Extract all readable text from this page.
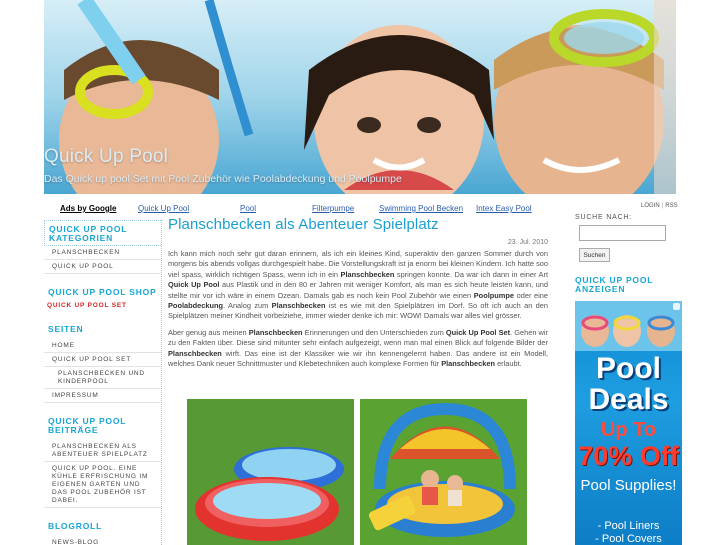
Quick Up Pool
Das Quick up pool Set mit Pool Zubehör wie Poolabdeckung und Poolpumpe
Ads by Google	Quick Up Pool	Pool	Filterpumpe	Swimming Pool Becken Intex Easy Pool
QUICK UP POOL KATEGORIEN
PLANSCHBECKEN
QUICK UP POOL
QUICK UP POOL SHOP
QUICK UP POOL SET
SEITEN
HOME
QUICK UP POOL SET
PLANSCHBECKEN UND KINDERPOOL
IMPRESSUM
QUICK UP POOL BEITRÄGE
PLANSCHBECKEN ALS ABENTEUER SPIELPLATZ
QUICK UP POOL. EINE KÜHLE ERFRISCHUNG IM EIGENEN GARTEN UND DAS POOL ZUBEHÖR IST DABEI.
BLOGROLL
NEWS-BLOG
Planschbecken als Abenteuer Spielplatz
23. Jul. 2010
Ich kann mich noch sehr gut daran erinnern, als ich ein kleines Kind, superaktiv den ganzen Sommer durch von morgens bis abends vollgas durchgespielt habe. Die Vorstellungskraft ist ja enorm bei kleinen Kindern. Ich hatte soo viel spass, wirklich richtigen Spass, wenn ich in ein Planschbecken springen konnte. Da war ich dann in einer Art Quick Up Pool aus Plastik und in den 80 er Jahren mit weniger Komfort, als man es sich heute leisten kann, und stellte mir vor ich wäre in einem Ozean. Damals gab es noch kein Pool Zubehör wie einen Poolpumpe oder eine Poolabdeckung. Analog zum Planschbecken ist es wie mit den Spielplätzen im Dorf. So oft ich auch an den Spielplätzen meiner Kindheit vorbeiziehe, immer wieder denke ich mir: WOW! Damals war alles viel grösser.
Aber genug aus meinen Planschbecken Erinnerungen und den Unterschieden zum Quick Up Pool Set. Gehen wir zu den Fakten über. Diese sind mitunter sehr einfach aufgezeigt, wenn man mal einen Blick auf folgende Bilder der Planschbecken wirft. Das eine ist der Klassiker wie wir ihn kennengelernt haben. Das andere ist ein Modell, welches Dank neuer Schnittmuster und Klebetechniken auch komplexe Formen für Planschbecken erlaubt.
LOGIN | RSS
SUCHE NACH:
Suchen
QUICK UP POOL ANZEIGEN
Pool Deals
Up To
70% Off
Pool Supplies!
- Pool Liners
- Pool Covers
